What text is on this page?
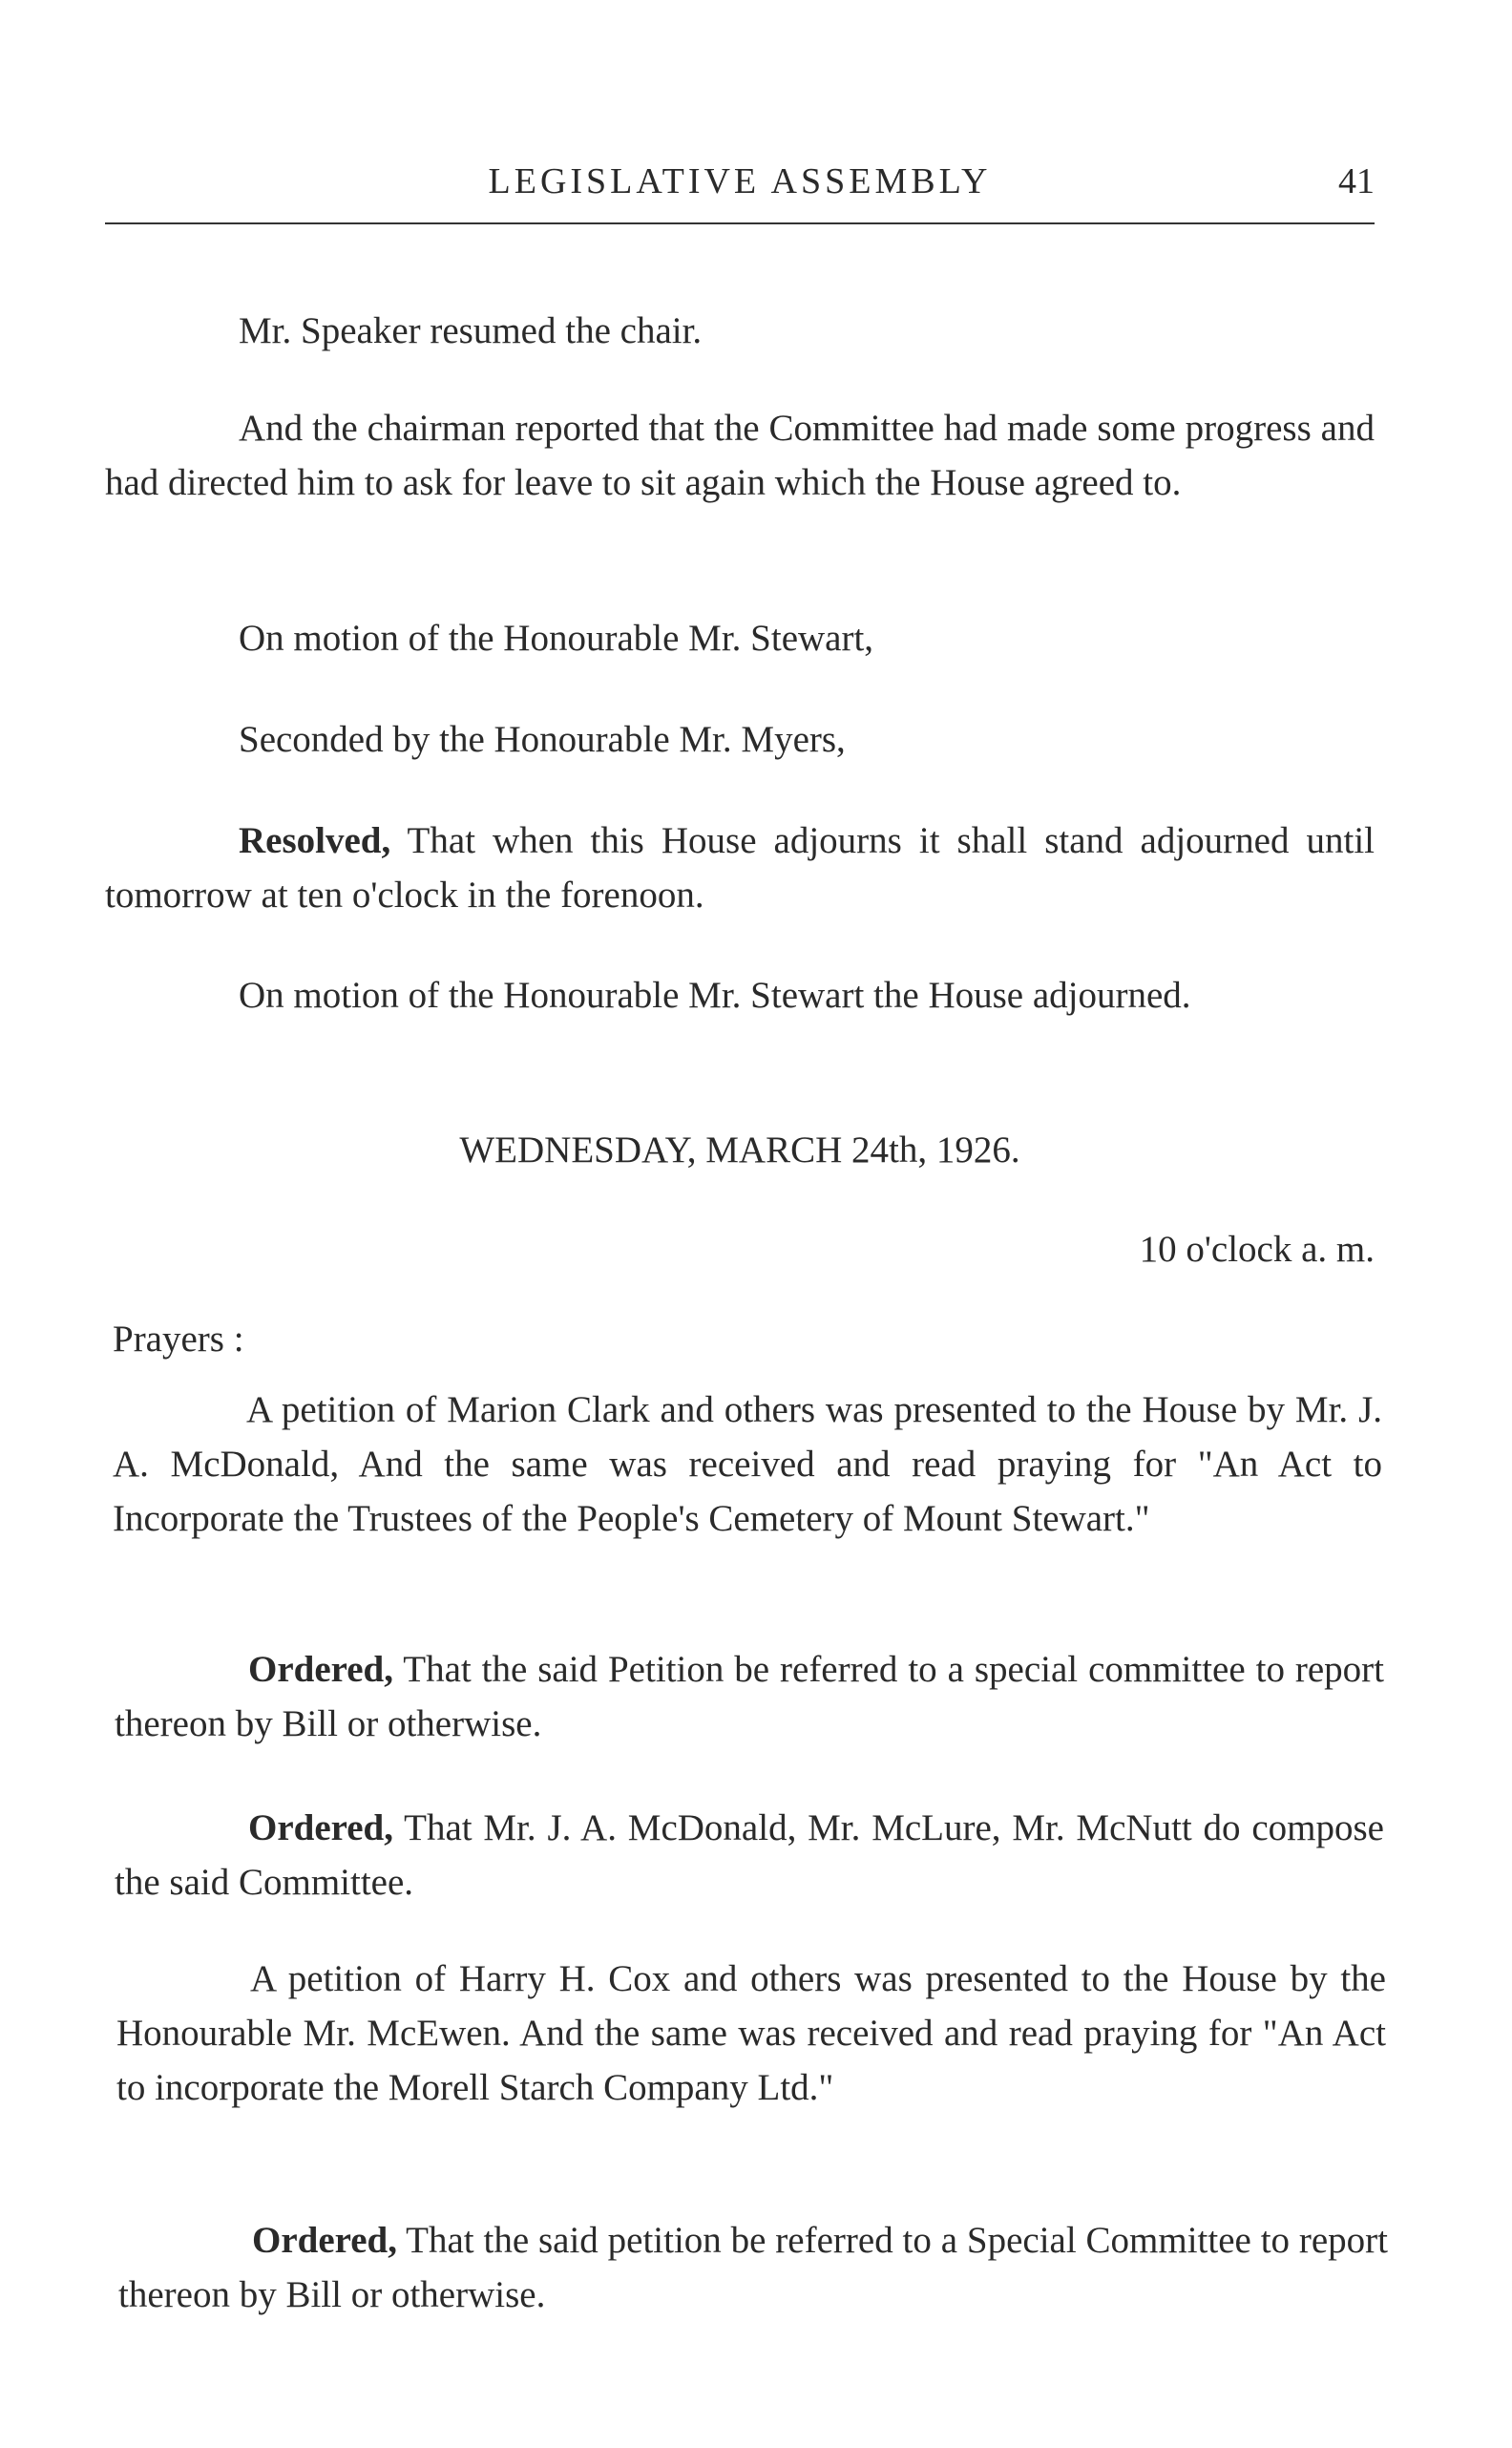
LEGISLATIVE ASSEMBLY	41
Mr. Speaker resumed the chair.
And the chairman reported that the Committee had made some progress and had directed him to ask for leave to sit again which the House agreed to.
On motion of the Honourable Mr. Stewart,
Seconded by the Honourable Mr. Myers,
Resolved, That when this House adjourns it shall stand adjourned until tomorrow at ten o'clock in the forenoon.
On motion of the Honourable Mr. Stewart the House adjourned.
WEDNESDAY, MARCH 24th, 1926.
10 o'clock a. m.
Prayers :
A petition of Marion Clark and others was presented to the House by Mr. J. A. McDonald, And the same was received and read praying for "An Act to Incorporate the Trustees of the People's Cemetery of Mount Stewart."
Ordered, That the said Petition be referred to a special committee to report thereon by Bill or otherwise.
Ordered, That Mr. J. A. McDonald, Mr. McLure, Mr. McNutt do compose the said Committee.
A petition of Harry H. Cox and others was presented to the House by the Honourable Mr. McEwen. And the same was received and read praying for "An Act to incorporate the Morell Starch Company Ltd."
Ordered, That the said petition be referred to a Special Committee to report thereon by Bill or otherwise.
